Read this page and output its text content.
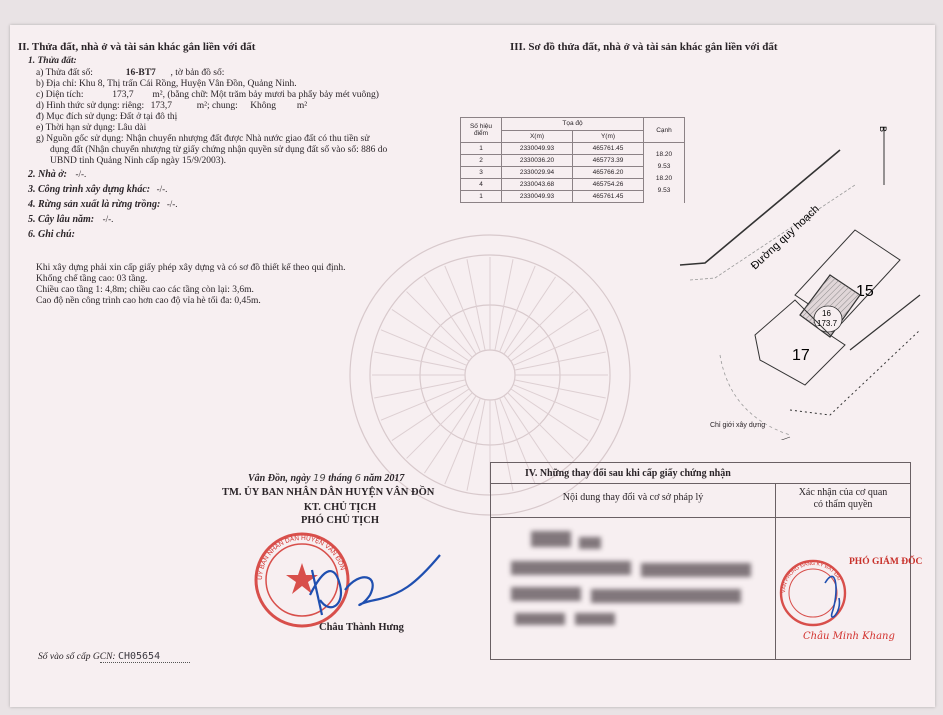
II. Thửa đất, nhà ở và tài sản khác gắn liền với đất
1. Thửa đất:
a) Thửa đất số:	16-BT7 , tờ bản đồ số:
b) Địa chỉ: Khu 8, Thị trấn Cái Rồng, Huyện Vân Đồn, Quảng Ninh.
c) Diện tích:	173,7 m², (bằng chữ: Một trăm bảy mươi ba phẩy bảy mét vuông)
d) Hình thức sử dụng: riêng: 173,7	m²; chung: Không m²
đ) Mục đích sử dụng: Đất ở tại đô thị
e) Thời hạn sử dụng: Lâu dài
g) Nguồn gốc sử dụng: Nhận chuyển nhượng đất được Nhà nước giao đất có thu tiền sử
dụng đất (Nhận chuyển nhượng từ giấy chứng nhận quyền sử dụng đất số vào sổ: 886 do
UBND tỉnh Quảng Ninh cấp ngày 15/9/2003).
2. Nhà ở: -/-.
3. Công trình xây dựng khác: -/-.
4. Rừng sản xuất là rừng trồng: -/-.
5. Cây lâu năm: -/-.
6. Ghi chú:
Khi xây dựng phải xin cấp giấy phép xây dựng và có sơ đồ thiết kế theo qui định.
Khống chế tầng cao: 03 tầng.
Chiều cao tầng 1: 4,8m; chiều cao các tầng còn lại: 3,6m.
Cao độ nền công trình cao hơn cao độ vỉa hè tối đa: 0,45m.
III. Sơ đồ thửa đất, nhà ở và tài sản khác gắn liền với đất
Số hiệu điểm	Tọa độ		Cạnh
	X(m)	Y(m)	
1	2330049.93	465761.45	18.20
2	2330036.20	465773.39	9.53
3	2330029.94	465766.20	18.20
4	2330043.68	465754.26	9.53
1	2330049.93	465761.45	
B
Đường quy hoạch
15
16
173.7
17
Chỉ giới xây dựng
Vân Đồn, ngày 19 tháng 6 năm 2017
TM. ỦY BAN NHÂN DÂN HUYỆN VÂN ĐỒN
KT. CHỦ TỊCH
PHÓ CHỦ TỊCH
ỦY BAN NHÂN DÂN HUYỆN VÂN ĐỒN
Châu Thành Hưng
IV. Những thay đổi sau khi cấp giấy chứng nhận
Nội dung thay đổi và cơ sở pháp lý	Xác nhận của cơ quan
có thẩm quyền
PHÓ GIÁM ĐỐC
VĂN PHÒNG ĐĂNG KÝ ĐẤT ĐAI
Châu Minh Khang
Số vào sổ cấp GCN: CH05654
